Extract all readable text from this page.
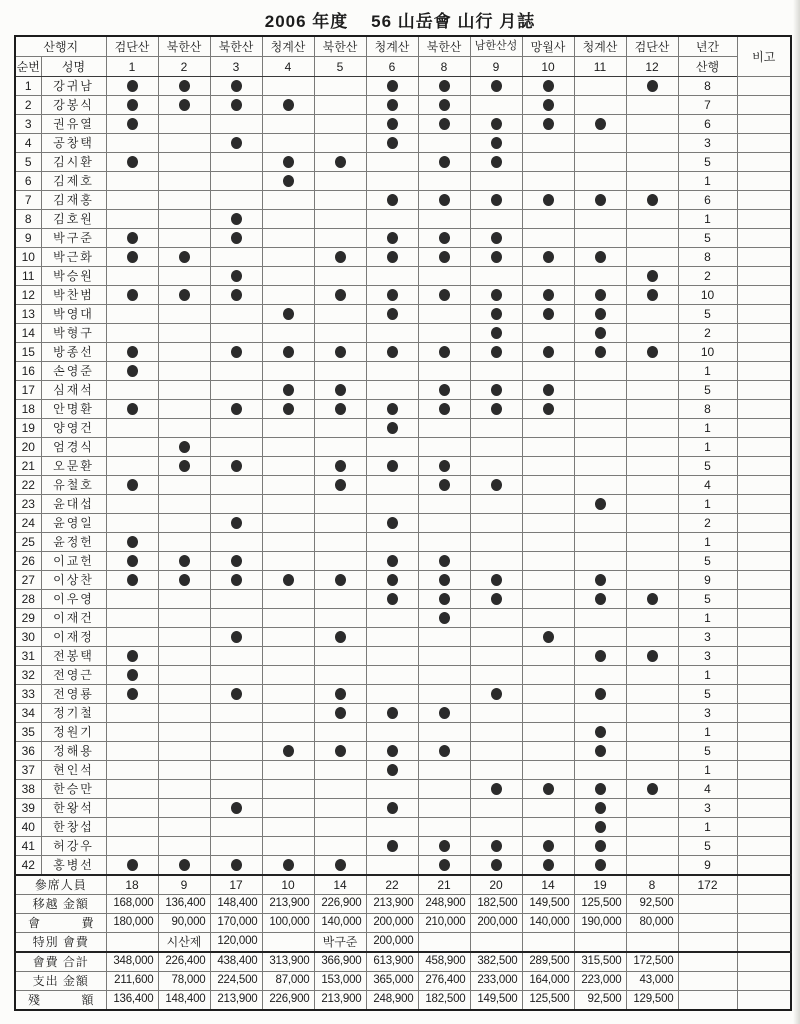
2006 年度    56 山岳會 山行 月誌
산행지		검단산	북한산	북한산	청계산	북한산	청계산	북한산	남한산성	망월사	청계산	검단산	년간	비고
순번	성명	1	2	3	4	5	6	8	9	10	11	12	산행	
1	강귀남												8	
2	강봉식												7	
3	권유열												6	
4	공창택												3	
5	김시환												5	
6	김제호												1	
7	김재홍												6	
8	김호원												1	
9	박구준												5	
10	박근화												8	
11	박승원												2	
12	박찬범												10	
13	박영대												5	
14	박형구												2	
15	방종선												10	
16	손영준												1	
17	심재석												5	
18	안명환												8	
19	양영건												1	
20	엄경식												1	
21	오문환												5	
22	유철호												4	
23	윤대섭												1	
24	윤영일												2	
25	윤정헌												1	
26	이교헌												5	
27	이상찬												9	
28	이우영												5	
29	이재건												1	
30	이재정												3	
31	전봉택												3	
32	전영근												1	
33	전영룡												5	
34	정기철												3	
35	정원기												1	
36	정해용												5	
37	현인석												1	
38	한승만												4	
39	한왕석												3	
40	한창섭												1	
41	허강우												5	
42	홍병선												9	
參席人員		18	9	17	10	14	22	21	20	14	19	8	172	
移越 金額		168,000	136,400	148,400	213,900	226,900	213,900	248,900	182,500	149,500	125,500	92,500		
會 費		180,000	90,000	170,000	100,000	140,000	200,000	210,000	200,000	140,000	190,000	80,000		
特別 會費			시산제	120,000		박구준	200,000							
會費 合計		348,000	226,400	438,400	313,900	366,900	613,900	458,900	382,500	289,500	315,500	172,500		
支出 金額		211,600	78,000	224,500	87,000	153,000	365,000	276,400	233,000	164,000	223,000	43,000		
殘 額		136,400	148,400	213,900	226,900	213,900	248,900	182,500	149,500	125,500	92,500	129,500		
